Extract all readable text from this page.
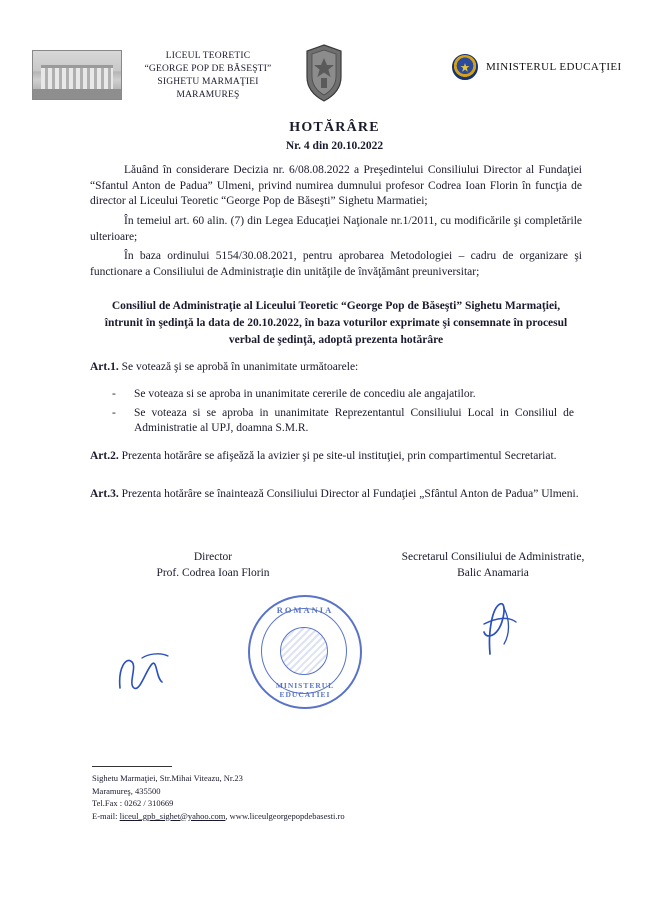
LICEUL TEORETIC
“GEORGE POP DE BĂSEŞTI”
SIGHETU MARMAŢIEI
MARAMUREŞ
MINISTERUL EDUCAŢIEI
HOTĂRÂRE
Nr. 4 din 20.10.2022
Lăuând în considerare Decizia nr. 6/08.08.2022 a Preşedintelui Consiliului Director al Fundaţiei “Sfantul Anton de Padua” Ulmeni, privind numirea dumnului profesor Codrea Ioan Florin în funcţia de director al Liceului Teoretic “George Pop de Băseşti” Sighetu Marmatiei;
În temeiul art. 60 alin. (7) din Legea Educaţiei Naţionale nr.1/2011, cu modificările şi completările ulterioare;
În baza ordinului 5154/30.08.2021, pentru aprobarea Metodologiei – cadru de organizare şi functionare a Consiliului de Administraţie din unităţile de învăţământ preuniversitar;
Consiliul de Administraţie al Liceului Teoretic “George Pop de Băseşti” Sighetu Marmaţiei, întrunit în şedinţă la data de 20.10.2022, în baza voturilor exprimate şi consemnate în procesul verbal de şedinţă, adoptă prezenta hotărâre
Art.1. Se votează şi se aprobă în unanimitate următoarele:
-	Se voteaza si se aproba in unanimitate cererile de concediu ale angajatilor.
-	Se voteaza si se aproba in unanimitate Reprezentantul Consiliului Local in Consiliul de Administratie al UPJ, doamna S.M.R.
Art.2. Prezenta hotărâre se afişeăză la avizier şi pe site-ul instituţiei, prin compartimentul Secretariat.
Art.3. Prezenta hotărâre se înaintează Consiliului Director al Fundaţiei „Sfântul Anton de Padua” Ulmeni.
Director
Prof. Codrea Ioan Florin
Secretarul Consiliului de Administratie,
Balic Anamaria
ROMANIA
MINISTERUL EDUCATIEI
Sighetu Marmaţiei, Str.Mihai Viteazu, Nr.23
Maramureş, 435500
Tel.Fax : 0262 / 310669
E-mail: liceul_gpb_sighet@yahoo.com, www.liceulgeorgepopdebasesti.ro
